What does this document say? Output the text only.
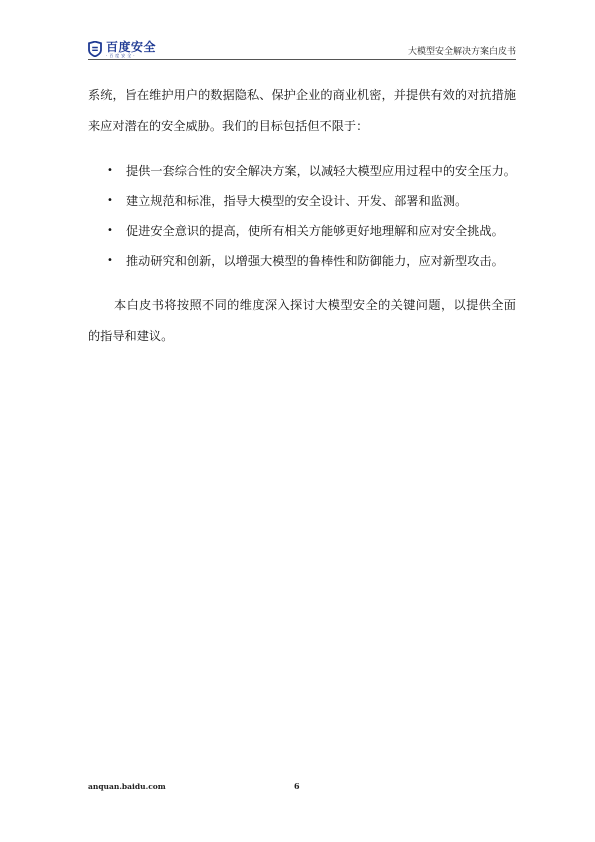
百度安全
·百度安全·	大模型安全解决方案白皮书

系统，旨在维护用户的数据隐私、保护企业的商业机密，并提供有效的对抗措施来应对潜在的安全威胁。我们的目标包括但不限于：

• 提供一套综合性的安全解决方案，以减轻大模型应用过程中的安全压力。
• 建立规范和标准，指导大模型的安全设计、开发、部署和监测。
• 促进安全意识的提高，使所有相关方能够更好地理解和应对安全挑战。
• 推动研究和创新，以增强大模型的鲁棒性和防御能力，应对新型攻击。

本白皮书将按照不同的维度深入探讨大模型安全的关键问题，以提供全面的指导和建议。

anquan.baidu.com	6
